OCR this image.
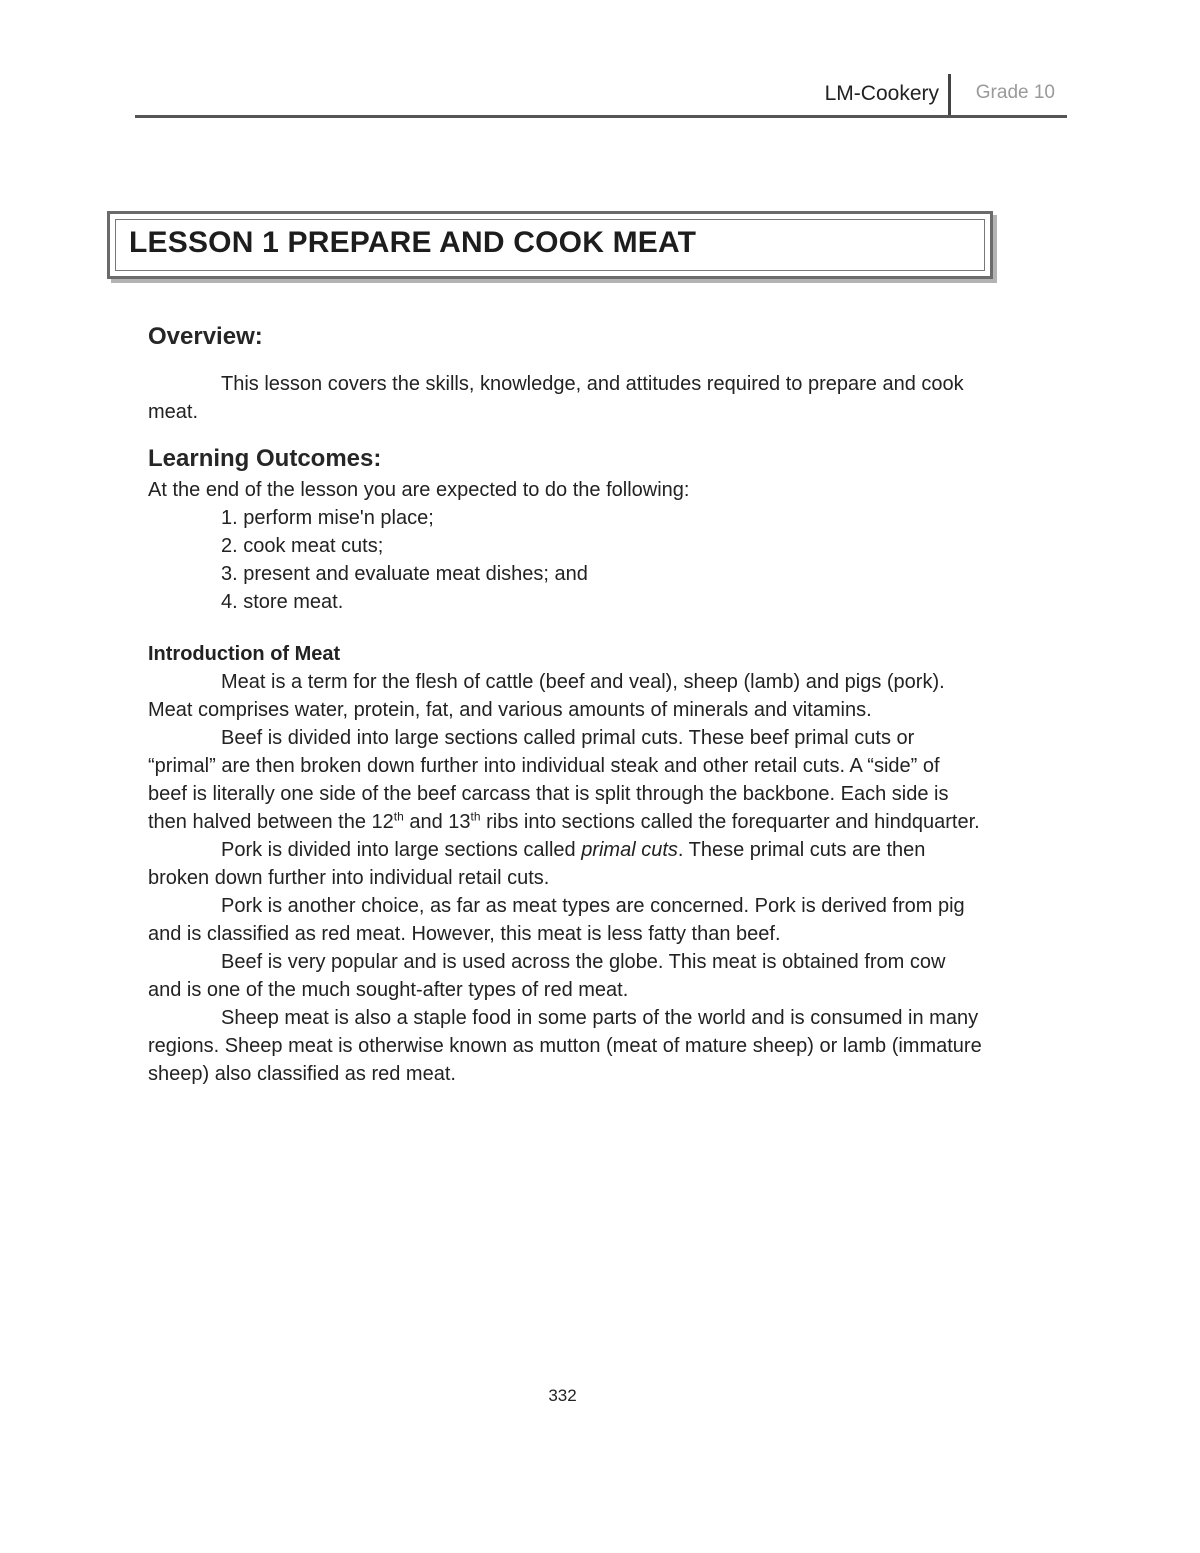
LM-Cookery Grade 10
LESSON 1 PREPARE AND COOK MEAT
Overview:

This lesson covers the skills, knowledge, and attitudes required to prepare and cook meat.

Learning Outcomes:

At the end of the lesson you are expected to do the following:

1. perform mise'n place;
2. cook meat cuts;
3. present and evaluate meat dishes; and
4. store meat.
Introduction of Meat

Meat is a term for the flesh of cattle (beef and veal), sheep (lamb) and pigs (pork). Meat comprises water, protein, fat, and various amounts of minerals and vitamins.

Beef is divided into large sections called primal cuts. These beef primal cuts or “primal” are then broken down further into individual steak and other retail cuts. A “side” of beef is literally one side of the beef carcass that is split through the backbone. Each side is then halved between the 12th and 13th ribs into sections called the forequarter and hindquarter.

Pork is divided into large sections called primal cuts. These primal cuts are then broken down further into individual retail cuts.

Pork is another choice, as far as meat types are concerned. Pork is derived from pig and is classified as red meat. However, this meat is less fatty than beef.

Beef is very popular and is used across the globe. This meat is obtained from cow and is one of the much sought-after types of red meat.

Sheep meat is also a staple food in some parts of the world and is consumed in many regions. Sheep meat is otherwise known as mutton (meat of mature sheep) or lamb (immature sheep) also classified as red meat.

332
